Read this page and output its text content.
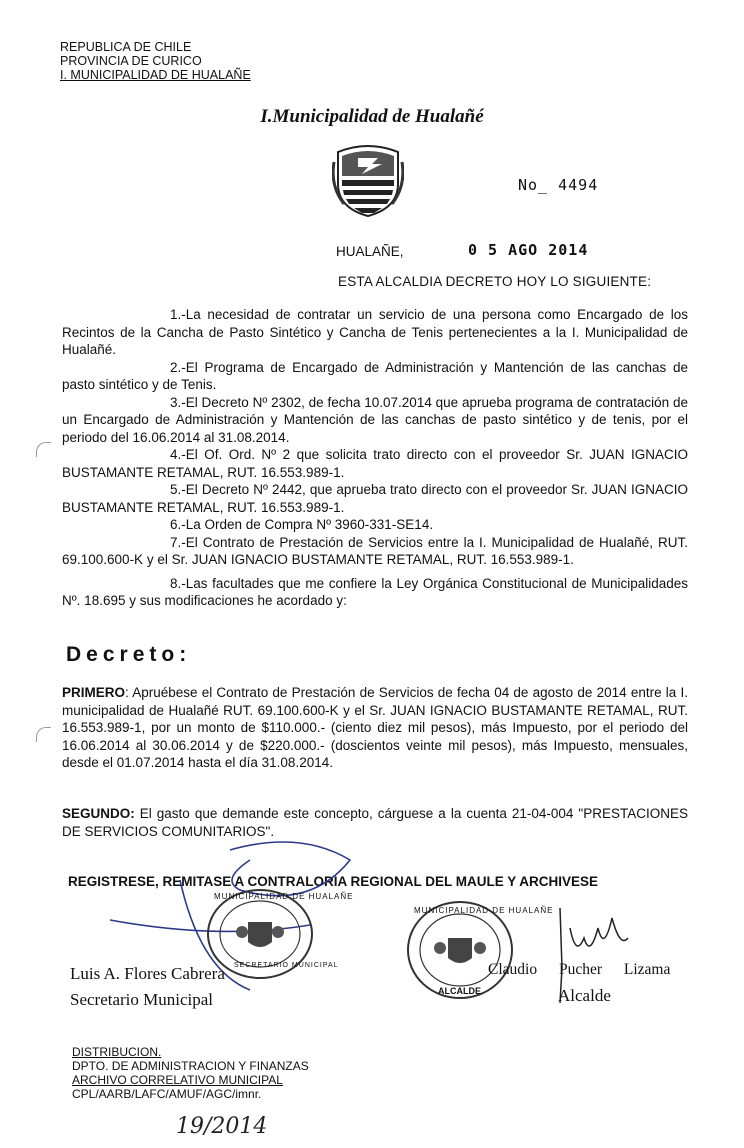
REPUBLICA DE CHILE
PROVINCIA DE CURICO
I. MUNICIPALIDAD DE HUALAÑE
I.Municipalidad de Hualañé
No_ 4494
HUALAÑE,	0 5 AGO 2014
ESTA ALCALDIA DECRETO HOY LO SIGUIENTE:

1.-La necesidad de contratar un servicio de una persona como Encargado de los Recintos de la Cancha de Pasto Sintético y Cancha de Tenis pertenecientes a la I. Municipalidad de Hualañé.

2.-El Programa de Encargado de Administración y Mantención de las canchas de pasto sintético y de Tenis.

3.-El Decreto Nº 2302, de fecha 10.07.2014 que aprueba programa de contratación de un Encargado de Administración y Mantención de las canchas de pasto sintético y de tenis, por el periodo del 16.06.2014 al 31.08.2014.

4.-El Of. Ord. Nº 2 que solicita trato directo con el proveedor Sr. JUAN IGNACIO BUSTAMANTE RETAMAL, RUT. 16.553.989-1.

5.-El Decreto Nº 2442, que aprueba trato directo con el proveedor Sr. JUAN IGNACIO BUSTAMANTE RETAMAL, RUT. 16.553.989-1.

6.-La Orden de Compra Nº 3960-331-SE14.

7.-El Contrato de Prestación de Servicios entre la I. Municipalidad de Hualañé, RUT. 69.100.600-K y el Sr. JUAN IGNACIO BUSTAMANTE RETAMAL, RUT. 16.553.989-1.

8.-Las facultades que me confiere la Ley Orgánica Constitucional de Municipalidades Nº. 18.695 y sus modificaciones he acordado y:

Decreto:
PRIMERO: Apruébese el Contrato de Prestación de Servicios de fecha 04 de agosto de 2014 entre la I. municipalidad de Hualañé RUT. 69.100.600-K y el Sr. JUAN IGNACIO BUSTAMANTE RETAMAL, RUT. 16.553.989-1, por un monto de $110.000.- (ciento diez mil pesos), más Impuesto, por el periodo del 16.06.2014 al 30.06.2014 y de $220.000.- (doscientos veinte mil pesos), más Impuesto, mensuales, desde el 01.07.2014 hasta el día 31.08.2014.
SEGUNDO: El gasto que demande este concepto, cárguese a la cuenta 21-04-004 "PRESTACIONES DE SERVICIOS COMUNITARIOS".
REGISTRESE, REMITASE A CONTRALORIA REGIONAL DEL MAULE Y ARCHIVESE
MUNICIPALIDAD DE HUALAÑE
SECRETARIO MUNICIPAL
MUNICIPALIDAD DE HUALAÑE
ALCALDE
Luis A. Flores Cabrera
Secretario Municipal
Claudio Pucher Lizama
Alcalde
DISTRIBUCION.
DPTO. DE ADMINISTRACION Y FINANZAS
ARCHIVO CORRELATIVO MUNICIPAL
CPL/AARB/LAFC/AMUF/AGC/imnr.
19/2014
